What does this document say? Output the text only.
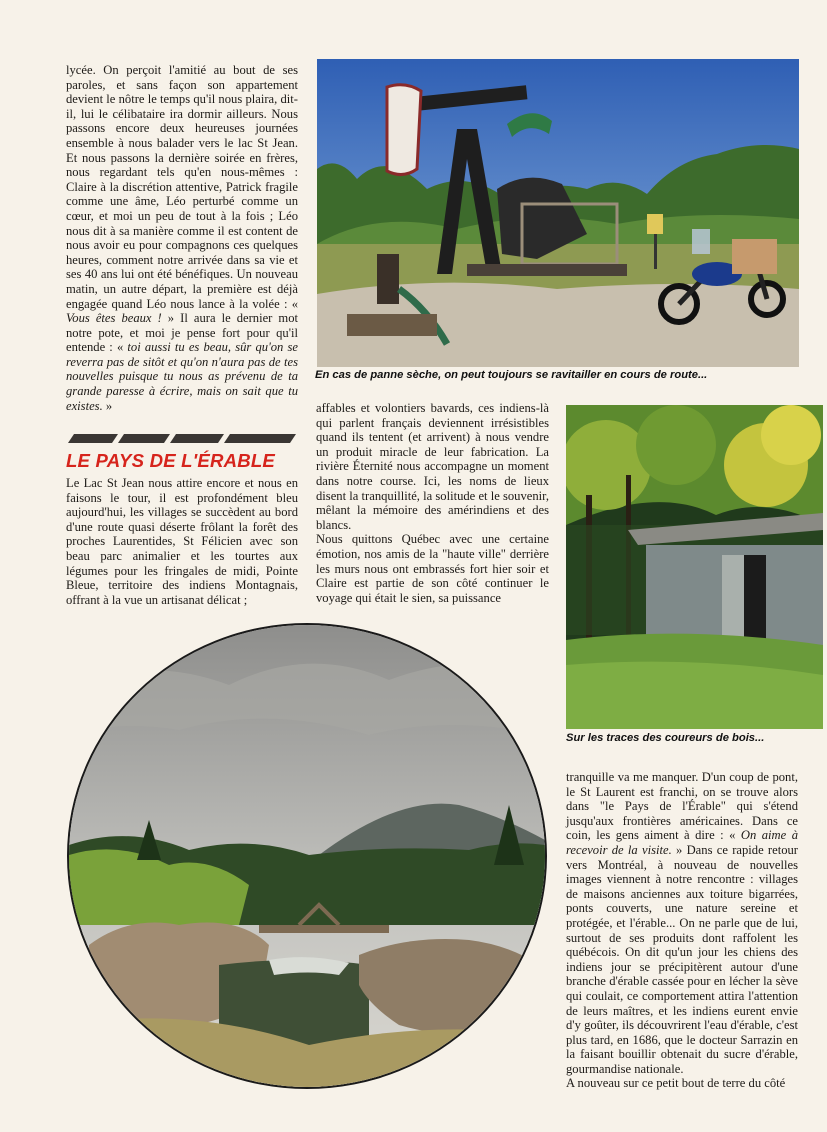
En cas de panne sèche, on peut toujours se ravitailler en cours de route...

lycée. On perçoit l'amitié au bout de ses paroles, et sans façon son appartement devient le nôtre le temps qu'il nous plaira, dit-il, lui le célibataire ira dormir ailleurs. Nous passons encore deux heureuses journées ensemble à nous balader vers le lac St Jean. Et nous passons la dernière soirée en frères, nous regardant tels qu'en nous-mêmes : Claire à la discrétion attentive, Patrick fragile comme une âme, Léo perturbé comme un cœur, et moi un peu de tout à la fois ; Léo nous dit à sa manière comme il est content de nous avoir eu pour compagnons ces quelques heures, comment notre arrivée dans sa vie et ses 40 ans lui ont été bénéfiques. Un nouveau matin, un autre départ, la première est déjà engagée quand Léo nous lance à la volée : « Vous êtes beaux ! » Il aura le dernier mot notre pote, et moi je pense fort pour qu'il entende : « toi aussi tu es beau, sûr qu'on se reverra pas de sitôt et qu'on n'aura pas de tes nouvelles puisque tu nous as prévenu de ta grande paresse à écrire, mais on sait que tu existes. »

LE PAYS DE L'ÉRABLE

Le Lac St Jean nous attire encore et nous en faisons le tour, il est profondément bleu aujourd'hui, les villages se succèdent au bord d'une route quasi déserte frôlant la forêt des proches Laurentides, St Félicien avec son beau parc animalier et les tourtes aux légumes pour les fringales de midi, Pointe Bleue, territoire des indiens Montagnais, offrant à la vue un artisanat délicat ;

affables et volontiers bavards, ces indiens-là qui parlent français deviennent irrésistibles quand ils tentent (et arrivent) à nous vendre un produit miracle de leur fabrication. La rivière Éternité nous accompagne un moment dans notre course. Ici, les noms de lieux disent la tranquillité, la solitude et le souvenir, mêlant la mémoire des amérindiens et des blancs.

Nous quittons Québec avec une certaine émotion, nos amis de la "haute ville" derrière les murs nous ont embrassés fort hier soir et Claire est partie de son côté continuer le voyage qui était le sien, sa puissance

Sur les traces des coureurs de bois...

tranquille va me manquer. D'un coup de pont, le St Laurent est franchi, on se trouve alors dans "le Pays de l'Érable" qui s'étend jusqu'aux frontières américaines. Dans ce coin, les gens aiment à dire : « On aime à recevoir de la visite. » Dans ce rapide retour vers Montréal, à nouveau de nouvelles images viennent à notre rencontre : villages de maisons anciennes aux toiture bigarrées, ponts couverts, une nature sereine et protégée, et l'érable... On ne parle que de lui, surtout de ses produits dont raffolent les québécois. On dit qu'un jour les chiens des indiens jour se précipitèrent autour d'une branche d'érable cassée pour en lécher la sève qui coulait, ce comportement attira l'attention de leurs maîtres, et les indiens eurent envie d'y goûter, ils découvrirent l'eau d'érable, c'est plus tard, en 1686, que le docteur Sarrazin en la faisant bouillir obtenait du sucre d'érable, gourmandise nationale.

A nouveau sur ce petit bout de terre du côté
